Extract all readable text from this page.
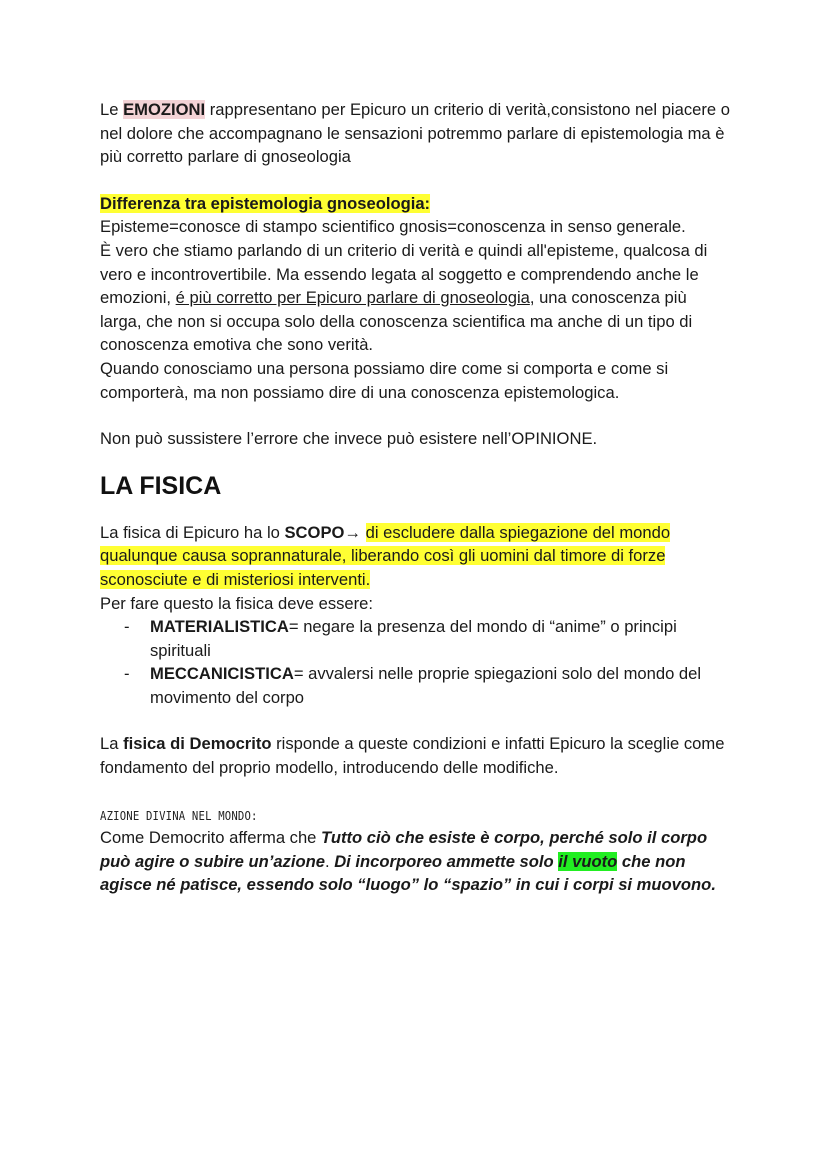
Le EMOZIONI rappresentano per Epicuro un criterio di verità,consistono nel piacere o nel dolore che accompagnano le sensazioni potremmo parlare di epistemologia ma è più corretto parlare di gnoseologia

Differenza tra epistemologia gnoseologia:

Episteme=conosce di stampo scientifico gnosis=conoscenza in senso generale.

È vero che stiamo parlando di un criterio di verità e quindi all'episteme, qualcosa di vero e incontrovertibile. Ma essendo legata al soggetto e comprendendo anche le emozioni, é più corretto per Epicuro parlare di gnoseologia, una conoscenza più larga, che non si occupa solo della conoscenza scientifica ma anche di un tipo di conoscenza emotiva che sono verità.

Quando conosciamo una persona possiamo dire come si comporta e come si comporterà, ma non possiamo dire di una conoscenza epistemologica.

Non può sussistere l’errore che invece può esistere nell’OPINIONE.

LA FISICA

La fisica di Epicuro ha lo SCOPO→ di escludere dalla spiegazione del mondo qualunque causa soprannaturale, liberando così gli uomini dal timore di forze sconosciute e di misteriosi interventi.

Per fare questo la fisica deve essere:

- MATERIALISTICA= negare la presenza del mondo di “anime” o principi spirituali
- MECCANICISTICA= avvalersi nelle proprie spiegazioni solo del mondo del movimento del corpo

La fisica di Democrito risponde a queste condizioni e infatti Epicuro la sceglie come fondamento del proprio modello, introducendo delle modifiche.

AZIONE DIVINA NEL MONDO:

Come Democrito afferma che Tutto ciò che esiste è corpo, perché solo il corpo può agire o subire un’azione. Di incorporeo ammette solo il vuoto che non agisce né patisce, essendo solo “luogo” lo “spazio” in cui i corpi si muovono.
